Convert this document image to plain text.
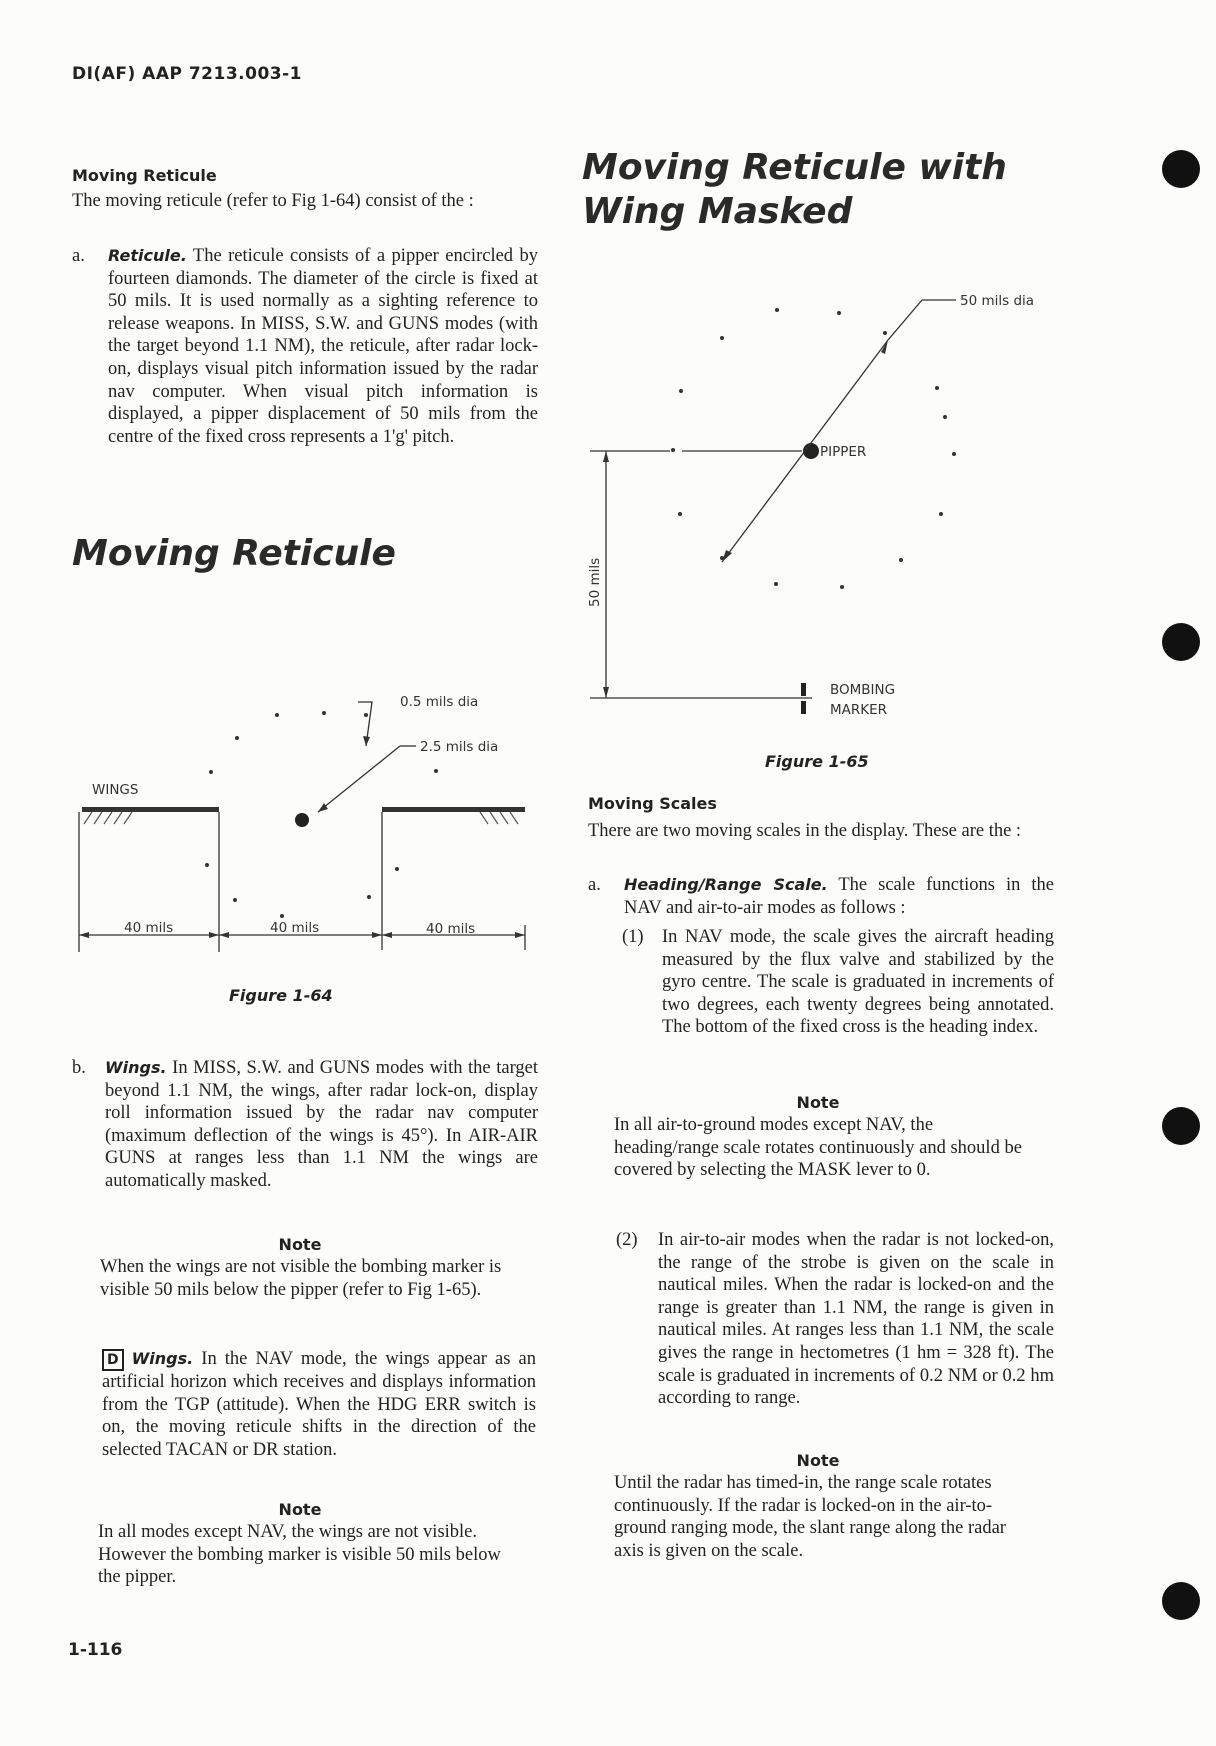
DI(AF) AAP 7213.003-1
Moving Reticule
The moving reticule (refer to Fig 1-64) consist of the :
a. Reticule. The reticule consists of a pipper encircled by fourteen diamonds. The diameter of the circle is fixed at 50 mils. It is used normally as a sighting reference to release weapons. In MISS, S.W. and GUNS modes (with the target beyond 1.1 NM), the reticule, after radar lock-on, displays visual pitch information issued by the radar nav computer. When visual pitch information is displayed, a pipper displacement of 50 mils from the centre of the fixed cross represents a 1'g' pitch.
Moving Reticule
0.5 mils dia
2.5 mils dia
WINGS
40 mils	40 mils	40 mils
Figure 1-64
b. Wings. In MISS, S.W. and GUNS modes with the target beyond 1.1 NM, the wings, after radar lock-on, display roll information issued by the radar nav computer (maximum deflection of the wings is 45°). In AIR-AIR GUNS at ranges less than 1.1 NM the wings are automatically masked.
Note
When the wings are not visible the bombing marker is visible 50 mils below the pipper (refer to Fig 1-65).
D Wings. In the NAV mode, the wings appear as an artificial horizon which receives and displays information from the TGP (attitude). When the HDG ERR switch is on, the moving reticule shifts in the direction of the selected TACAN or DR station.
Note
In all modes except NAV, the wings are not visible. However the bombing marker is visible 50 mils below the pipper.
1-116
Moving Reticule with
Wing Masked
50 mils dia
PIPPER
50 mils
BOMBING
MARKER
Figure 1-65
Moving Scales
There are two moving scales in the display. These are the :
a. Heading/Range Scale. The scale functions in the NAV and air-to-air modes as follows :
(1) In NAV mode, the scale gives the aircraft heading measured by the flux valve and stabilized by the gyro centre. The scale is graduated in increments of two degrees, each twenty degrees being annotated. The bottom of the fixed cross is the heading index.
Note
In all air-to-ground modes except NAV, the heading/range scale rotates continuously and should be covered by selecting the MASK lever to 0.
(2) In air-to-air modes when the radar is not locked-on, the range of the strobe is given on the scale in nautical miles. When the radar is locked-on and the range is greater than 1.1 NM, the range is given in nautical miles. At ranges less than 1.1 NM, the scale gives the range in hectometres (1 hm = 328 ft). The scale is graduated in increments of 0.2 NM or 0.2 hm according to range.
Note
Until the radar has timed-in, the range scale rotates continuously. If the radar is locked-on in the air-to-ground ranging mode, the slant range along the radar axis is given on the scale.
